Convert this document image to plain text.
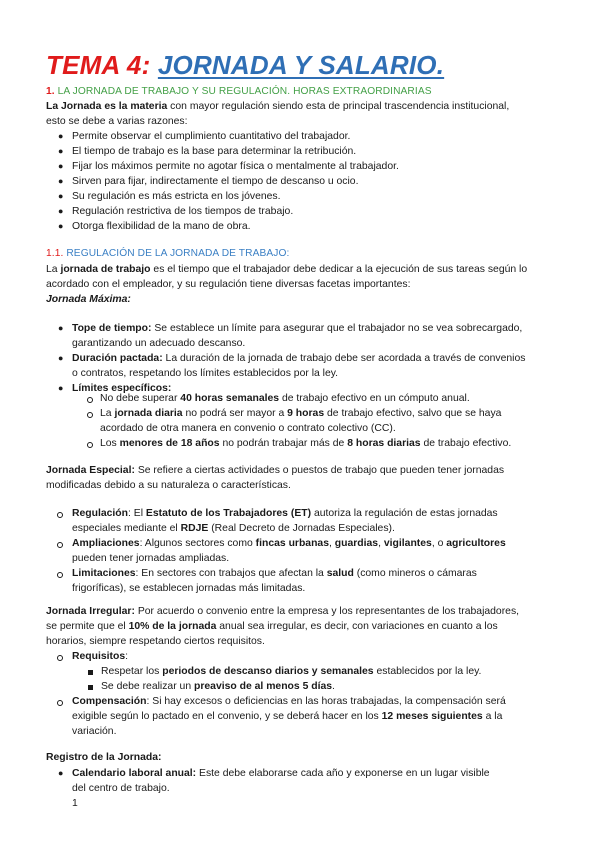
TEMA 4: JORNADA Y SALARIO.
1. LA JORNADA DE TRABAJO Y SU REGULACIÓN. HORAS EXTRAORDINARIAS
La Jornada es la materia con mayor regulación siendo esta de principal trascendencia institucional,
esto se debe a varias razones:
● Permite observar el cumplimiento cuantitativo del trabajador.
● El tiempo de trabajo es la base para determinar la retribución.
● Fijar los máximos permite no agotar física o mentalmente al trabajador.
● Sirven para fijar, indirectamente el tiempo de descanso u ocio.
● Su regulación es más estricta en los jóvenes.
● Regulación restrictiva de los tiempos de trabajo.
● Otorga flexibilidad de la mano de obra.
1.1. REGULACIÓN DE LA JORNADA DE TRABAJO:
La jornada de trabajo es el tiempo que el trabajador debe dedicar a la ejecución de sus tareas según lo
acordado con el empleador, y su regulación tiene diversas facetas importantes:
Jornada Máxima:
● Tope de tiempo: Se establece un límite para asegurar que el trabajador no se vea sobrecargado,
garantizando un adecuado descanso.
● Duración pactada: La duración de la jornada de trabajo debe ser acordada a través de convenios
o contratos, respetando los límites establecidos por la ley.
● Límites específicos:
No debe superar 40 horas semanales de trabajo efectivo en un cómputo anual.
La jornada diaria no podrá ser mayor a 9 horas de trabajo efectivo, salvo que se haya
acordado de otra manera en convenio o contrato colectivo (CC).
Los menores de 18 años no podrán trabajar más de 8 horas diarias de trabajo efectivo.
Jornada Especial: Se refiere a ciertas actividades o puestos de trabajo que pueden tener jornadas
modificadas debido a su naturaleza o características.
Regulación: El Estatuto de los Trabajadores (ET) autoriza la regulación de estas jornadas
especiales mediante el RDJE (Real Decreto de Jornadas Especiales).
Ampliaciones: Algunos sectores como fincas urbanas, guardias, vigilantes, o agricultores
pueden tener jornadas ampliadas.
Limitaciones: En sectores con trabajos que afectan la salud (como mineros o cámaras
frigoríficas), se establecen jornadas más limitadas.
Jornada Irregular: Por acuerdo o convenio entre la empresa y los representantes de los trabajadores,
se permite que el 10% de la jornada anual sea irregular, es decir, con variaciones en cuanto a los
horarios, siempre respetando ciertos requisitos.
Requisitos:
Respetar los periodos de descanso diarios y semanales establecidos por la ley.
Se debe realizar un preaviso de al menos 5 días.
Compensación: Si hay excesos o deficiencias en las horas trabajadas, la compensación será
exigible según lo pactado en el convenio, y se deberá hacer en los 12 meses siguientes a la
variación.
Registro de la Jornada:
● Calendario laboral anual: Este debe elaborarse cada año y exponerse en un lugar visible
del centro de trabajo.
1
